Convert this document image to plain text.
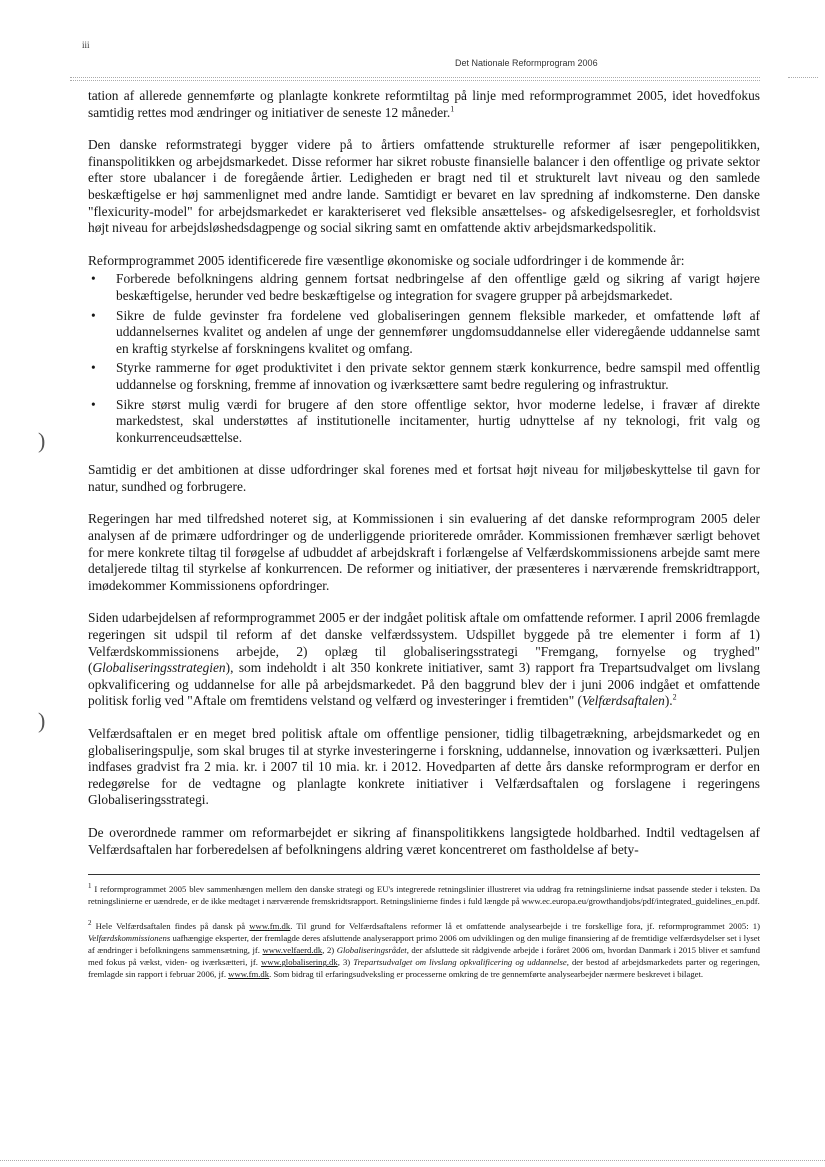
iii
Det Nationale Reformprogram 2006
)
)

tation af allerede gennemførte og planlagte konkrete reformtiltag på linje med reformprogrammet 2005, idet hovedfokus samtidig rettes mod ændringer og initiativer de seneste 12 måneder.$^1$

Den danske reformstrategi bygger videre på to årtiers omfattende strukturelle reformer af især pengepolitikken, finanspolitikken og arbejdsmarkedet. Disse reformer har sikret robuste finansielle balancer i den offentlige og private sektor efter store ubalancer i de foregående årtier. Ledigheden er bragt ned til et strukturelt lavt niveau og den samlede beskæftigelse er høj sammenlignet med andre lande. Samtidigt er bevaret en lav spredning af indkomsterne. Den danske "flexicurity-model" for arbejdsmarkedet er karakteriseret ved fleksible ansættelses- og afskedigelsesregler, et forholdsvist højt niveau for arbejdsløshedsdagpenge og social sikring samt en omfattende aktiv arbejdsmarkedspolitik.

Reformprogrammet 2005 identificerede fire væsentlige økonomiske og sociale udfordringer i de kommende år:

• Forberede befolkningens aldring gennem fortsat nedbringelse af den offentlige gæld og sikring af varigt højere beskæftigelse, herunder ved bedre beskæftigelse og integration for svagere grupper på arbejdsmarkedet.
• Sikre de fulde gevinster fra fordelene ved globaliseringen gennem fleksible markeder, et omfattende løft af uddannelsernes kvalitet og andelen af unge der gennemfører ungdomsuddannelse eller videregående uddannelse samt en kraftig styrkelse af forskningens kvalitet og omfang.
• Styrke rammerne for øget produktivitet i den private sektor gennem stærk konkurrence, bedre samspil med offentlig uddannelse og forskning, fremme af innovation og iværksættere samt bedre regulering og infrastruktur.
• Sikre størst mulig værdi for brugere af den store offentlige sektor, hvor moderne ledelse, i fravær af direkte markedstest, skal understøttes af institutionelle incitamenter, hurtig udnyttelse af ny teknologi, frit valg og konkurrenceudsættelse.

Samtidig er det ambitionen at disse udfordringer skal forenes med et fortsat højt niveau for miljøbeskyttelse til gavn for natur, sundhed og forbrugere.

Regeringen har med tilfredshed noteret sig, at Kommissionen i sin evaluering af det danske reformprogram 2005 deler analysen af de primære udfordringer og de underliggende prioriterede områder. Kommissionen fremhæver særligt behovet for mere konkrete tiltag til forøgelse af udbuddet af arbejdskraft i forlængelse af Velfærdskommissionens arbejde samt mere detaljerede tiltag til styrkelse af konkurrencen. De reformer og initiativer, der præsenteres i nærværende fremskridtrapport, imødekommer Kommissionens opfordringer.

Siden udarbejdelsen af reformprogrammet 2005 er der indgået politisk aftale om omfattende reformer. I april 2006 fremlagde regeringen sit udspil til reform af det danske velfærdssystem. Udspillet byggede på tre elementer i form af 1) Velfærdskommissionens arbejde, 2) oplæg til globaliseringsstrategi "Fremgang, fornyelse og tryghed" (Globaliseringsstrategien), som indeholdt i alt 350 konkrete initiativer, samt 3) rapport fra Trepartsudvalget om livslang opkvalificering og uddannelse for alle på arbejdsmarkedet. På den baggrund blev der i juni 2006 indgået et omfattende politisk forlig ved "Aftale om fremtidens velstand og velfærd og investeringer i fremtiden" (Velfærdsaftalen).$^2$

Velfærdsaftalen er en meget bred politisk aftale om offentlige pensioner, tidlig tilbagetrækning, arbejdsmarkedet og en globaliseringspulje, som skal bruges til at styrke investeringerne i forskning, uddannelse, innovation og iværksætteri. Puljen indfases gradvist fra 2 mia. kr. i 2007 til 10 mia. kr. i 2012. Hovedparten af dette års danske reformprogram er derfor en redegørelse for de vedtagne og planlagte konkrete initiativer i Velfærdsaftalen og forslagene i regeringens Globaliseringsstrategi.

De overordnede rammer om reformarbejdet er sikring af finanspolitikkens langsigtede holdbarhed. Indtil vedtagelsen af Velfærdsaftalen har forberedelsen af befolkningens aldring været koncentreret om fastholdelse af bety-

$^1$ I reformprogrammet 2005 blev sammenhængen mellem den danske strategi og EU's integrerede retningslinier illustreret via uddrag fra retningslinierne indsat passende steder i teksten. Da retningslinierne er uændrede, er de ikke medtaget i nærværende fremskridtsrapport. Retningslinierne findes i fuld længde på www.ec.europa.eu/growthandjobs/pdf/integrated_guidelines_en.pdf.

$^2$ Hele Velfærdsaftalen findes på dansk på www.fm.dk. Til grund for Velfærdsaftalens reformer lå et omfattende analysearbejde i tre forskellige fora, jf. reformprogrammet 2005: 1) Velfærdskommissionens uafhængige eksperter, der fremlagde deres afsluttende analyserapport primo 2006 om udviklingen og den mulige finansiering af de fremtidige velfærdsydelser set i lyset af ændringer i befolkningens sammensætning, jf. www.velfaerd.dk, 2) Globaliseringsrådet, der afsluttede sit rådgivende arbejde i foråret 2006 om, hvordan Danmark i 2015 bliver et samfund med fokus på vækst, viden- og iværksætteri, jf. www.globalisering.dk, 3) Trepartsudvalget om livslang opkvalificering og uddannelse, der bestod af arbejdsmarkedets parter og regeringen, fremlagde sin rapport i februar 2006, jf. www.fm.dk. Som bidrag til erfaringsudveksling er processerne omkring de tre gennemførte analysearbejder nærmere beskrevet i bilaget.
